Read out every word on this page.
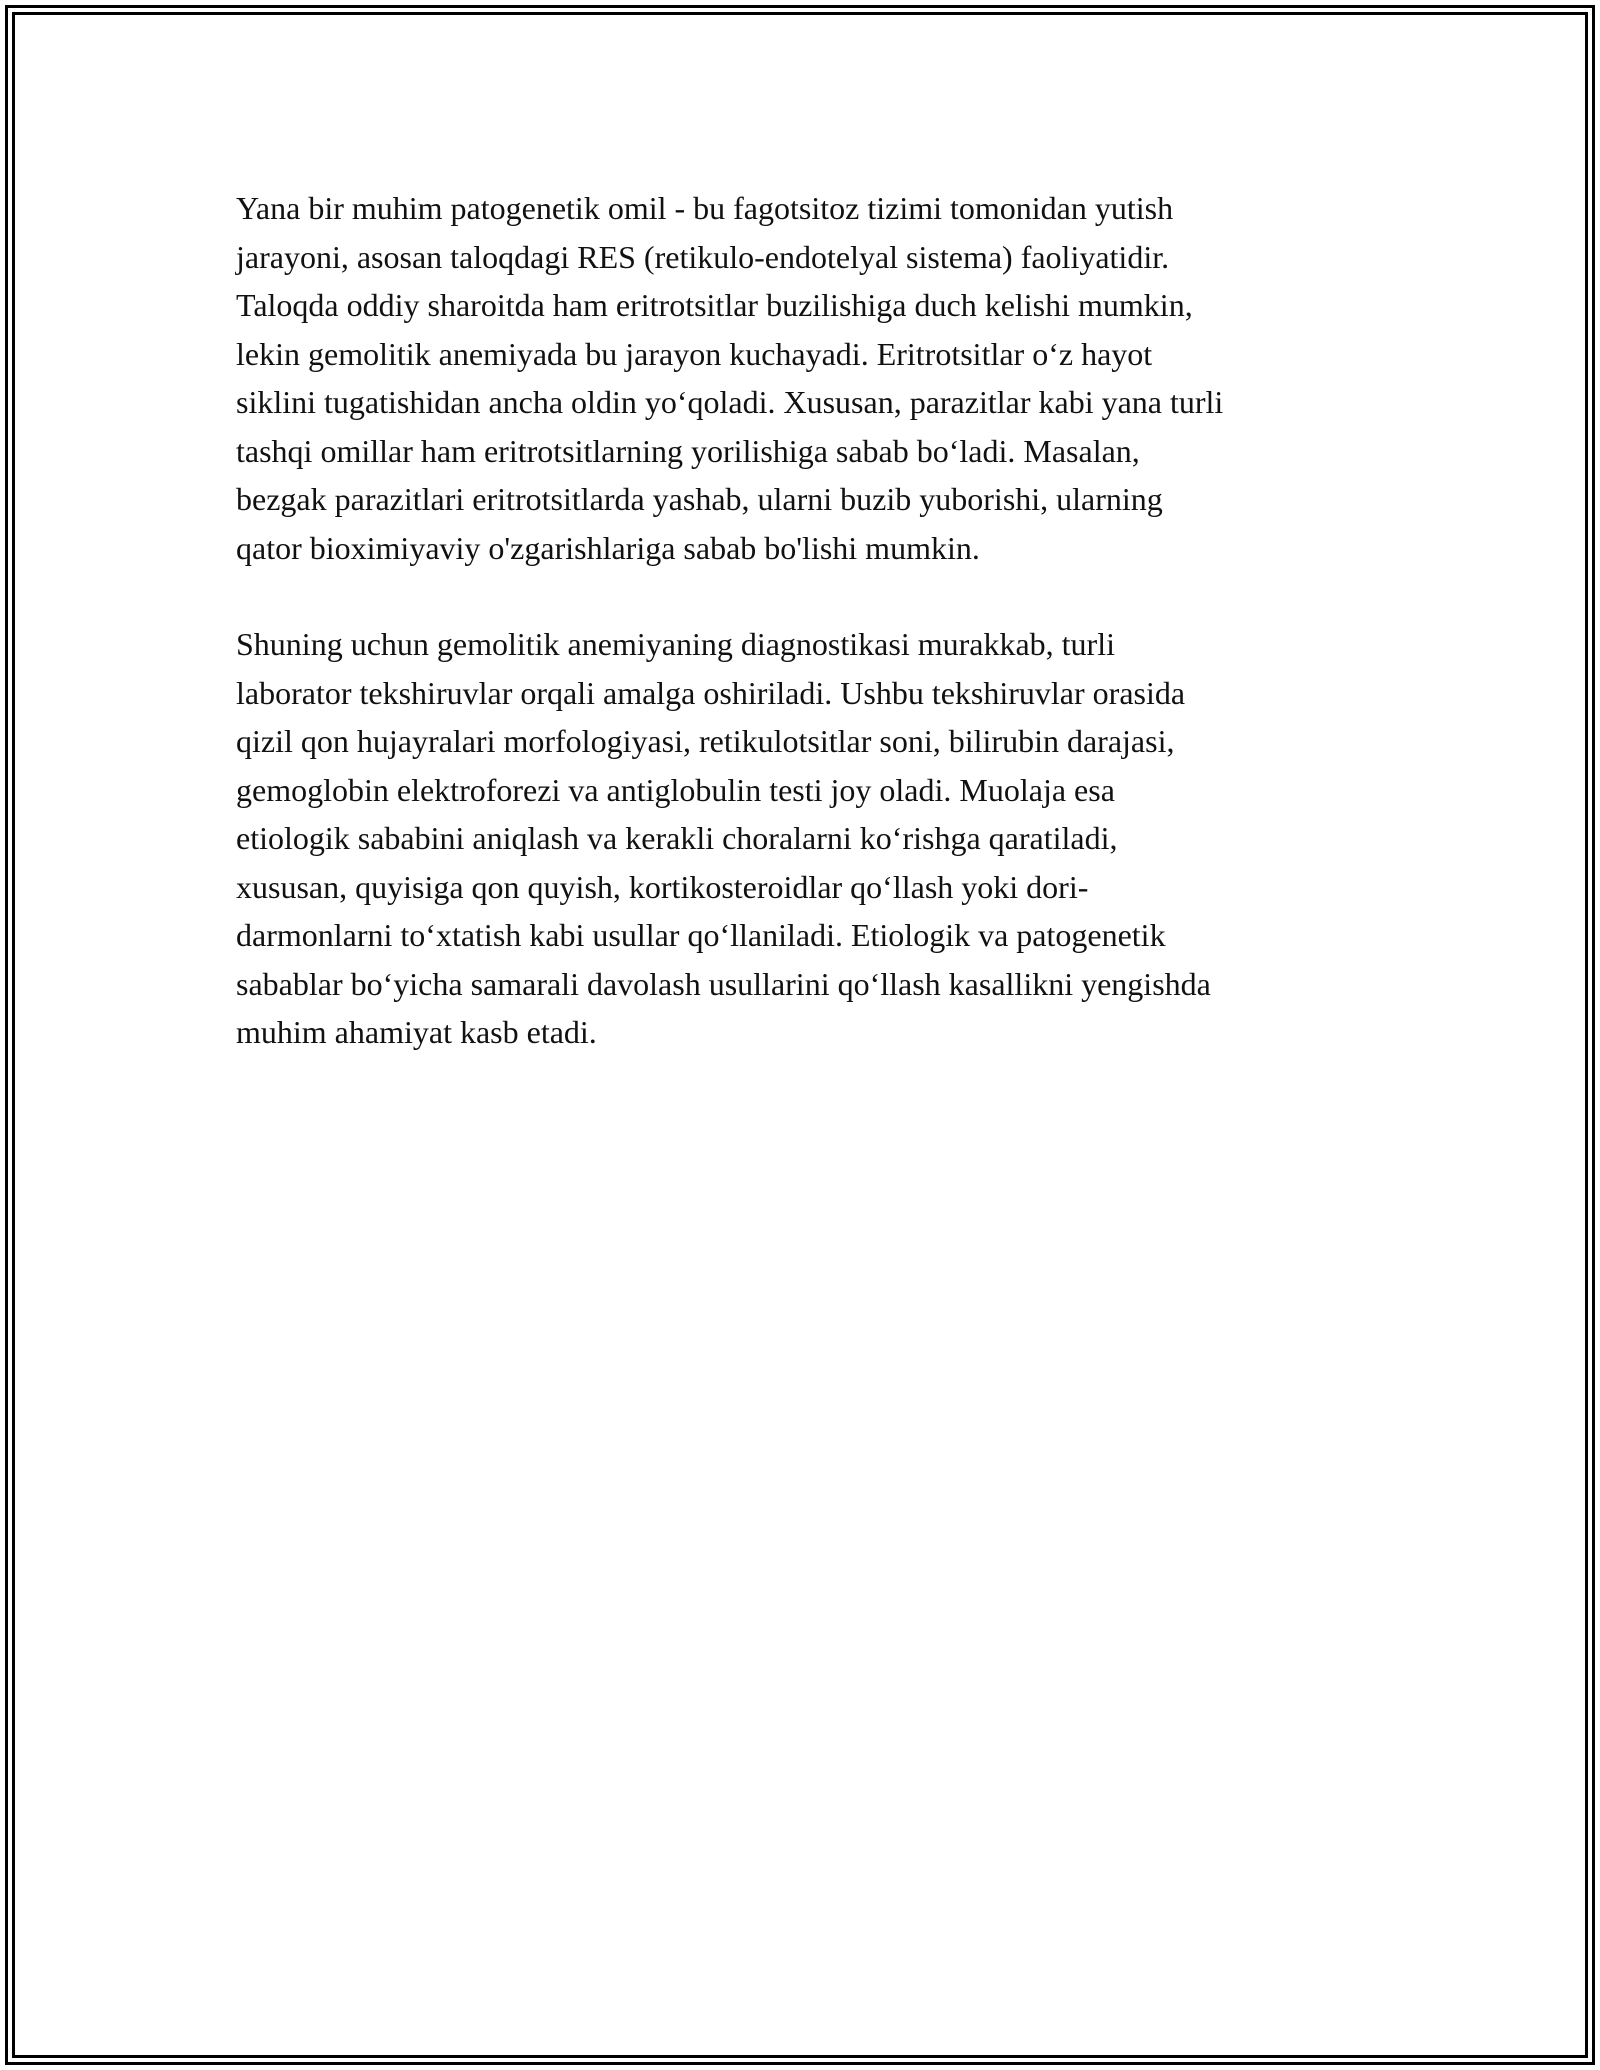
Yana bir muhim patogenetik omil - bu fagotsitoz tizimi tomonidan yutish
jarayoni, asosan taloqdagi RES (retikulo-endotelyal sistema) faoliyatidir.
Taloqda oddiy sharoitda ham eritrotsitlar buzilishiga duch kelishi mumkin,
lekin gemolitik anemiyada bu jarayon kuchayadi. Eritrotsitlar o‘z hayot
siklini tugatishidan ancha oldin yo‘qoladi. Xususan, parazitlar kabi yana turli
tashqi omillar ham eritrotsitlarning yorilishiga sabab bo‘ladi. Masalan,
bezgak parazitlari eritrotsitlarda yashab, ularni buzib yuborishi, ularning
qator bioximiyaviy o'zgarishlariga sabab bo'lishi mumkin.

Shuning uchun gemolitik anemiyaning diagnostikasi murakkab, turli
laborator tekshiruvlar orqali amalga oshiriladi. Ushbu tekshiruvlar orasida
qizil qon hujayralari morfologiyasi, retikulotsitlar soni, bilirubin darajasi,
gemoglobin elektroforezi va antiglobulin testi joy oladi. Muolaja esa
etiologik sababini aniqlash va kerakli choralarni ko‘rishga qaratiladi,
xususan, quyisiga qon quyish, kortikosteroidlar qo‘llash yoki dori-
darmonlarni to‘xtatish kabi usullar qo‘llaniladi. Etiologik va patogenetik
sabablar bo‘yicha samarali davolash usullarini qo‘llash kasallikni yengishda
muhim ahamiyat kasb etadi.
